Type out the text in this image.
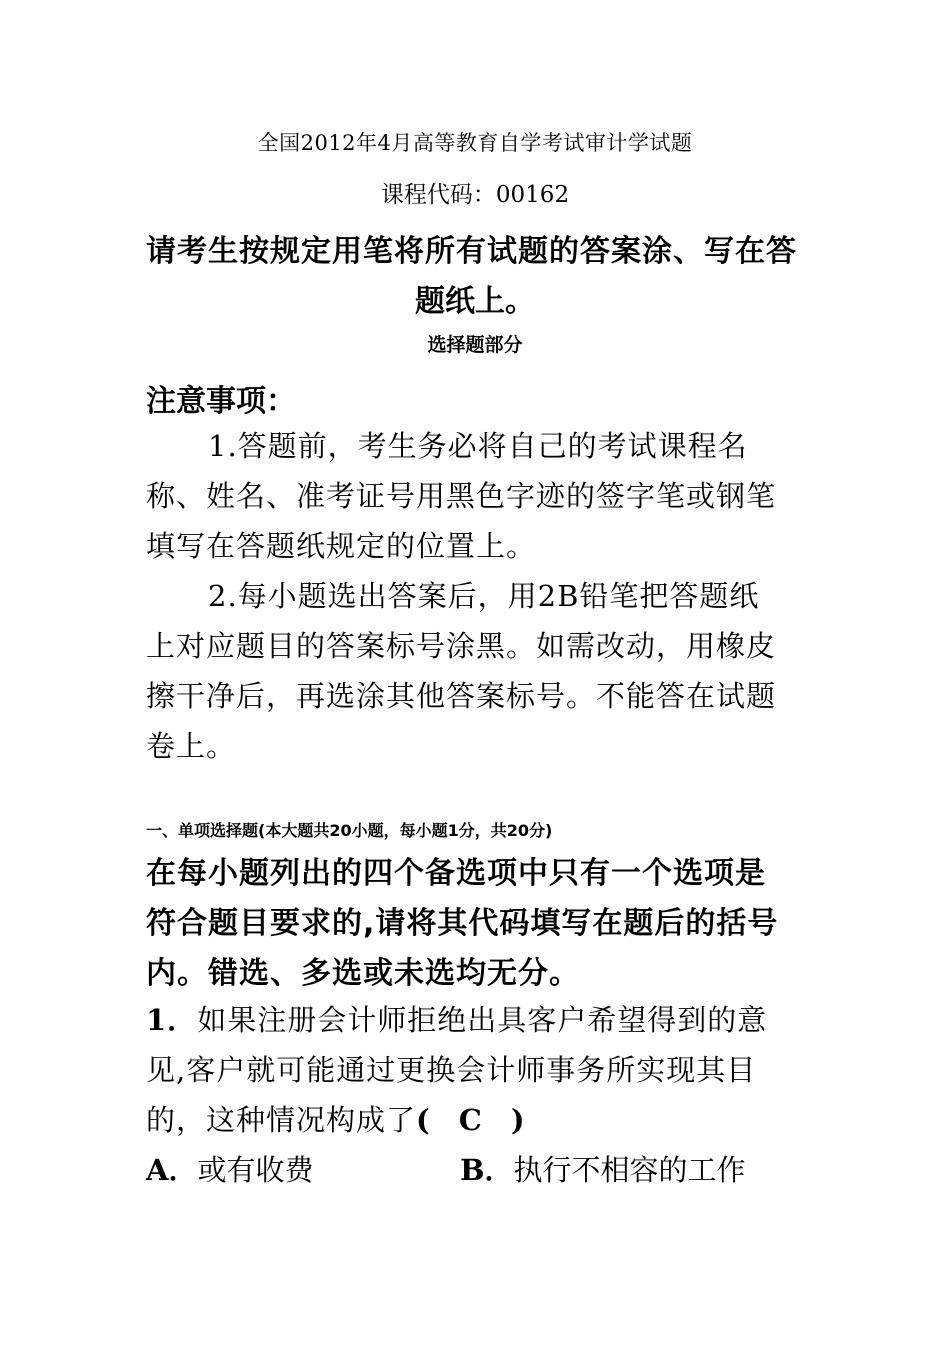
全国2012年4月高等教育自学考试审计学试题
课程代码：00162
请考生按规定用笔将所有试题的答案涂、写在答
题纸上。
选择题部分
注意事项：
1.答题前，考生务必将自己的考试课程名
称、姓名、准考证号用黑色字迹的签字笔或钢笔
填写在答题纸规定的位置上。
2.每小题选出答案后，用2B铅笔把答题纸
上对应题目的答案标号涂黑。如需改动，用橡皮
擦干净后，再选涂其他答案标号。不能答在试题
卷上。
一、单项选择题(本大题共20小题，每小题1分，共20分)
在每小题列出的四个备选项中只有一个选项是
符合题目要求的,请将其代码填写在题后的括号
内。错选、多选或未选均无分。
1．如果注册会计师拒绝出具客户希望得到的意
见,客户就可能通过更换会计师事务所实现其目
的，这种情况构成了( C )
A．或有收费	B．执行不相容的工作
